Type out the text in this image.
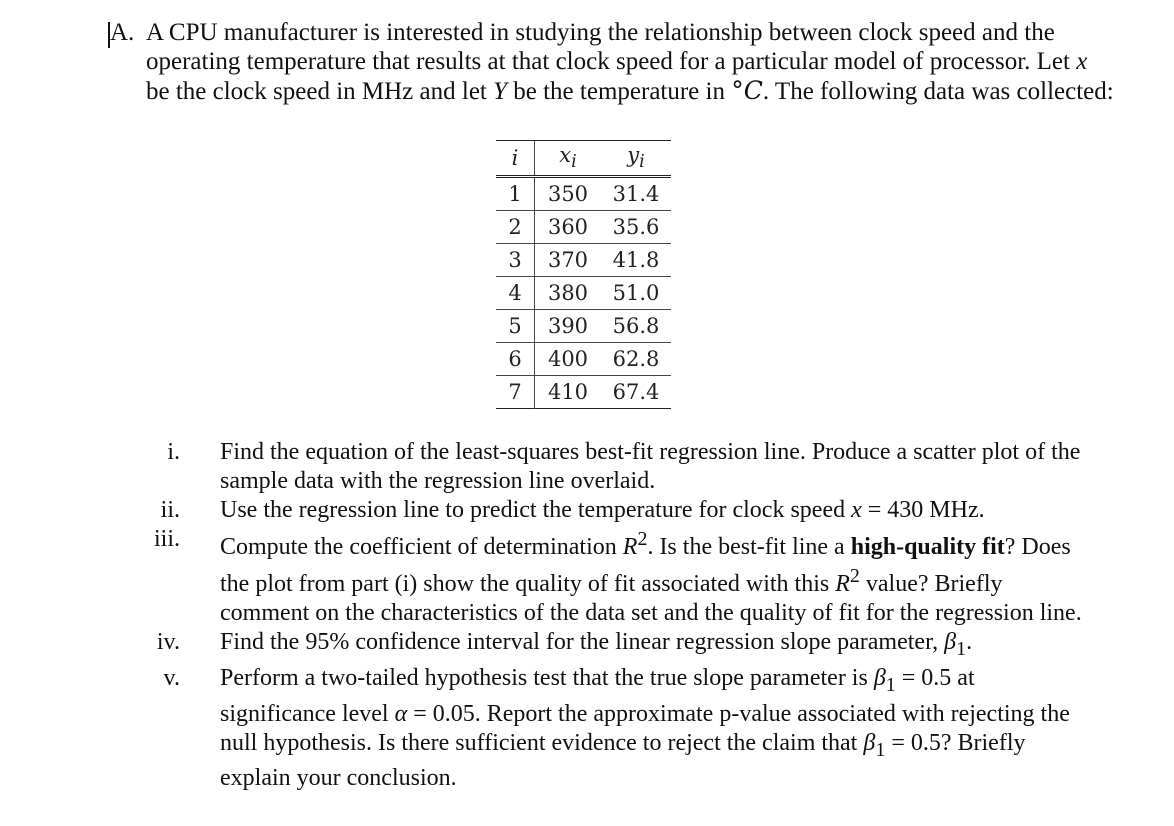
A. A CPU manufacturer is interested in studying the relationship between clock speed and the
operating temperature that results at that clock speed for a particular model of processor. Let x
be the clock speed in MHz and let Y be the temperature in °C. The following data was collected:
i	$x_i$	$y_i$
1	350	31.4
2	360	35.6
3	370	41.8
4	380	51.0
5	390	56.8
6	400	62.8
7	410	67.4
i. Find the equation of the least-squares best-fit regression line. Produce a scatter plot of the
sample data with the regression line overlaid.
ii. Use the regression line to predict the temperature for clock speed x = 430 MHz.
iii. Compute the coefficient of determination $R^2$. Is the best-fit line a high-quality fit? Does
the plot from part (i) show the quality of fit associated with this $R^2$ value? Briefly
comment on the characteristics of the data set and the quality of fit for the regression line.
iv. Find the 95% confidence interval for the linear regression slope parameter, $\beta_1$.
v. Perform a two-tailed hypothesis test that the true slope parameter is $\beta_1 = 0.5$ at
significance level α = 0.05. Report the approximate p-value associated with rejecting the
null hypothesis. Is there sufficient evidence to reject the claim that $\beta_1 = 0.5$? Briefly
explain your conclusion.
